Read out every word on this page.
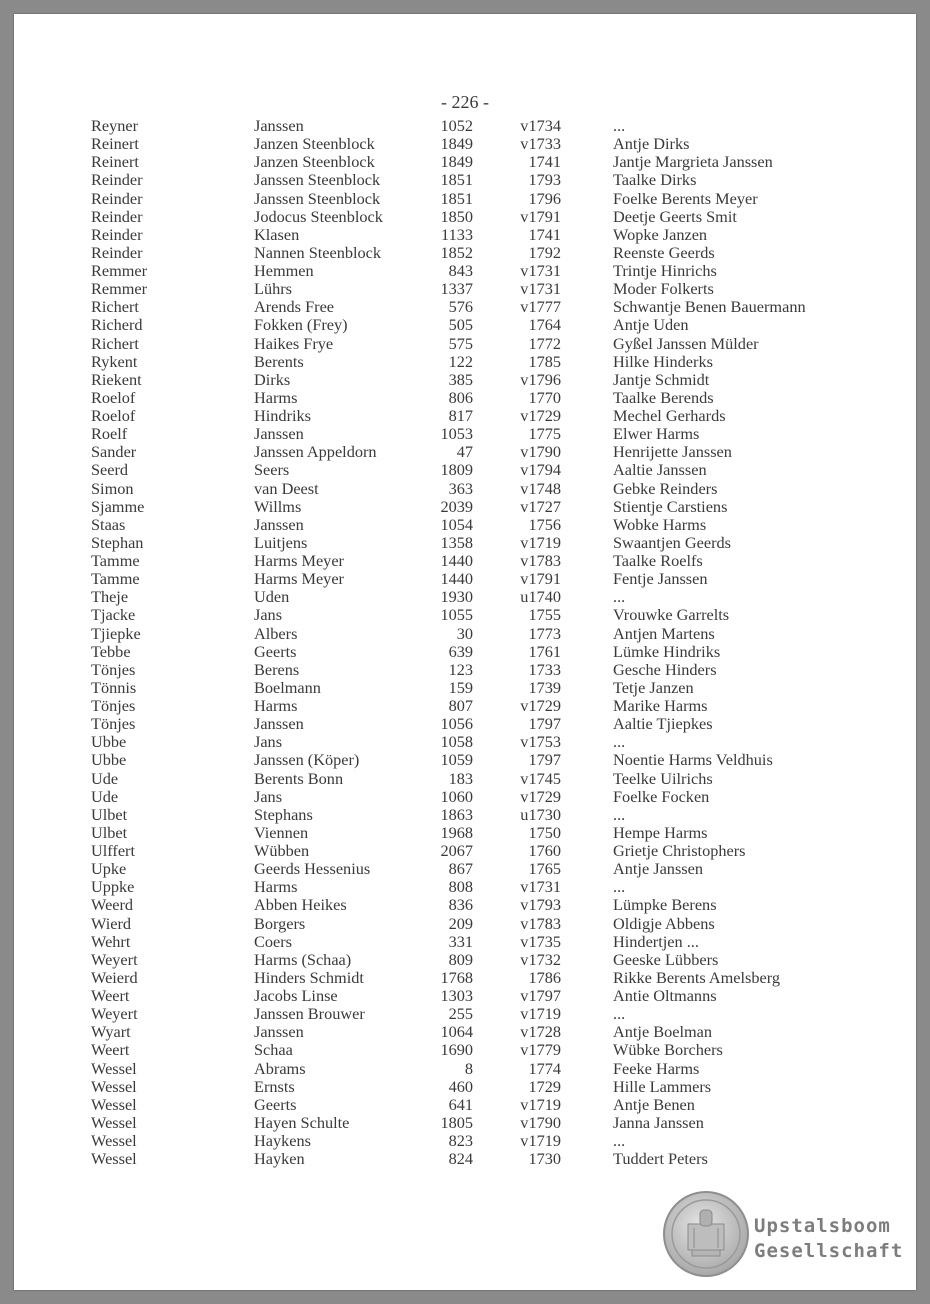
- 226 -
Reyner	Janssen	1052	v1734	...
Reinert	Janzen Steenblock	1849	v1733	Antje Dirks
Reinert	Janzen Steenblock	1849	1741	Jantje Margrieta Janssen
Reinder	Janssen Steenblock	1851	1793	Taalke Dirks
Reinder	Janssen Steenblock	1851	1796	Foelke Berents Meyer
Reinder	Jodocus Steenblock	1850	v1791	Deetje Geerts Smit
Reinder	Klasen	1133	1741	Wopke Janzen
Reinder	Nannen Steenblock	1852	1792	Reenste Geerds
Remmer	Hemmen	843	v1731	Trintje Hinrichs
Remmer	Lührs	1337	v1731	Moder Folkerts
Richert	Arends Free	576	v1777	Schwantje Benen Bauermann
Richerd	Fokken (Frey)	505	1764	Antje Uden
Richert	Haikes Frye	575	1772	Gyßel Janssen Mülder
Rykent	Berents	122	1785	Hilke Hinderks
Riekent	Dirks	385	v1796	Jantje Schmidt
Roelof	Harms	806	1770	Taalke Berends
Roelof	Hindriks	817	v1729	Mechel Gerhards
Roelf	Janssen	1053	1775	Elwer Harms
Sander	Janssen Appeldorn	47	v1790	Henrijette Janssen
Seerd	Seers	1809	v1794	Aaltie Janssen
Simon	van Deest	363	v1748	Gebke Reinders
Sjamme	Willms	2039	v1727	Stientje Carstiens
Staas	Janssen	1054	1756	Wobke Harms
Stephan	Luitjens	1358	v1719	Swaantjen Geerds
Tamme	Harms Meyer	1440	v1783	Taalke Roelfs
Tamme	Harms Meyer	1440	v1791	Fentje Janssen
Theje	Uden	1930	u1740	...
Tjacke	Jans	1055	1755	Vrouwke Garrelts
Tjiepke	Albers	30	1773	Antjen Martens
Tebbe	Geerts	639	1761	Lümke Hindriks
Tönjes	Berens	123	1733	Gesche Hinders
Tönnis	Boelmann	159	1739	Tetje Janzen
Tönjes	Harms	807	v1729	Marike Harms
Tönjes	Janssen	1056	1797	Aaltie Tjiepkes
Ubbe	Jans	1058	v1753	...
Ubbe	Janssen (Köper)	1059	1797	Noentie Harms Veldhuis
Ude	Berents Bonn	183	v1745	Teelke Uilrichs
Ude	Jans	1060	v1729	Foelke Focken
Ulbet	Stephans	1863	u1730	...
Ulbet	Viennen	1968	1750	Hempe Harms
Ulffert	Wübben	2067	1760	Grietje Christophers
Upke	Geerds Hessenius	867	1765	Antje Janssen
Uppke	Harms	808	v1731	...
Weerd	Abben Heikes	836	v1793	Lümpke Berens
Wierd	Borgers	209	v1783	Oldigje Abbens
Wehrt	Coers	331	v1735	Hindertjen ...
Weyert	Harms (Schaa)	809	v1732	Geeske Lübbers
Weierd	Hinders Schmidt	1768	1786	Rikke Berents Amelsberg
Weert	Jacobs Linse	1303	v1797	Antie Oltmanns
Weyert	Janssen Brouwer	255	v1719	...
Wyart	Janssen	1064	v1728	Antje Boelman
Weert	Schaa	1690	v1779	Wübke Borchers
Wessel	Abrams	8	1774	Feeke Harms
Wessel	Ernsts	460	1729	Hille Lammers
Wessel	Geerts	641	v1719	Antje Benen
Wessel	Hayen Schulte	1805	v1790	Janna Janssen
Wessel	Haykens	823	v1719	...
Wessel	Hayken	824	1730	Tuddert Peters
Upstalsboom
Gesellschaft
